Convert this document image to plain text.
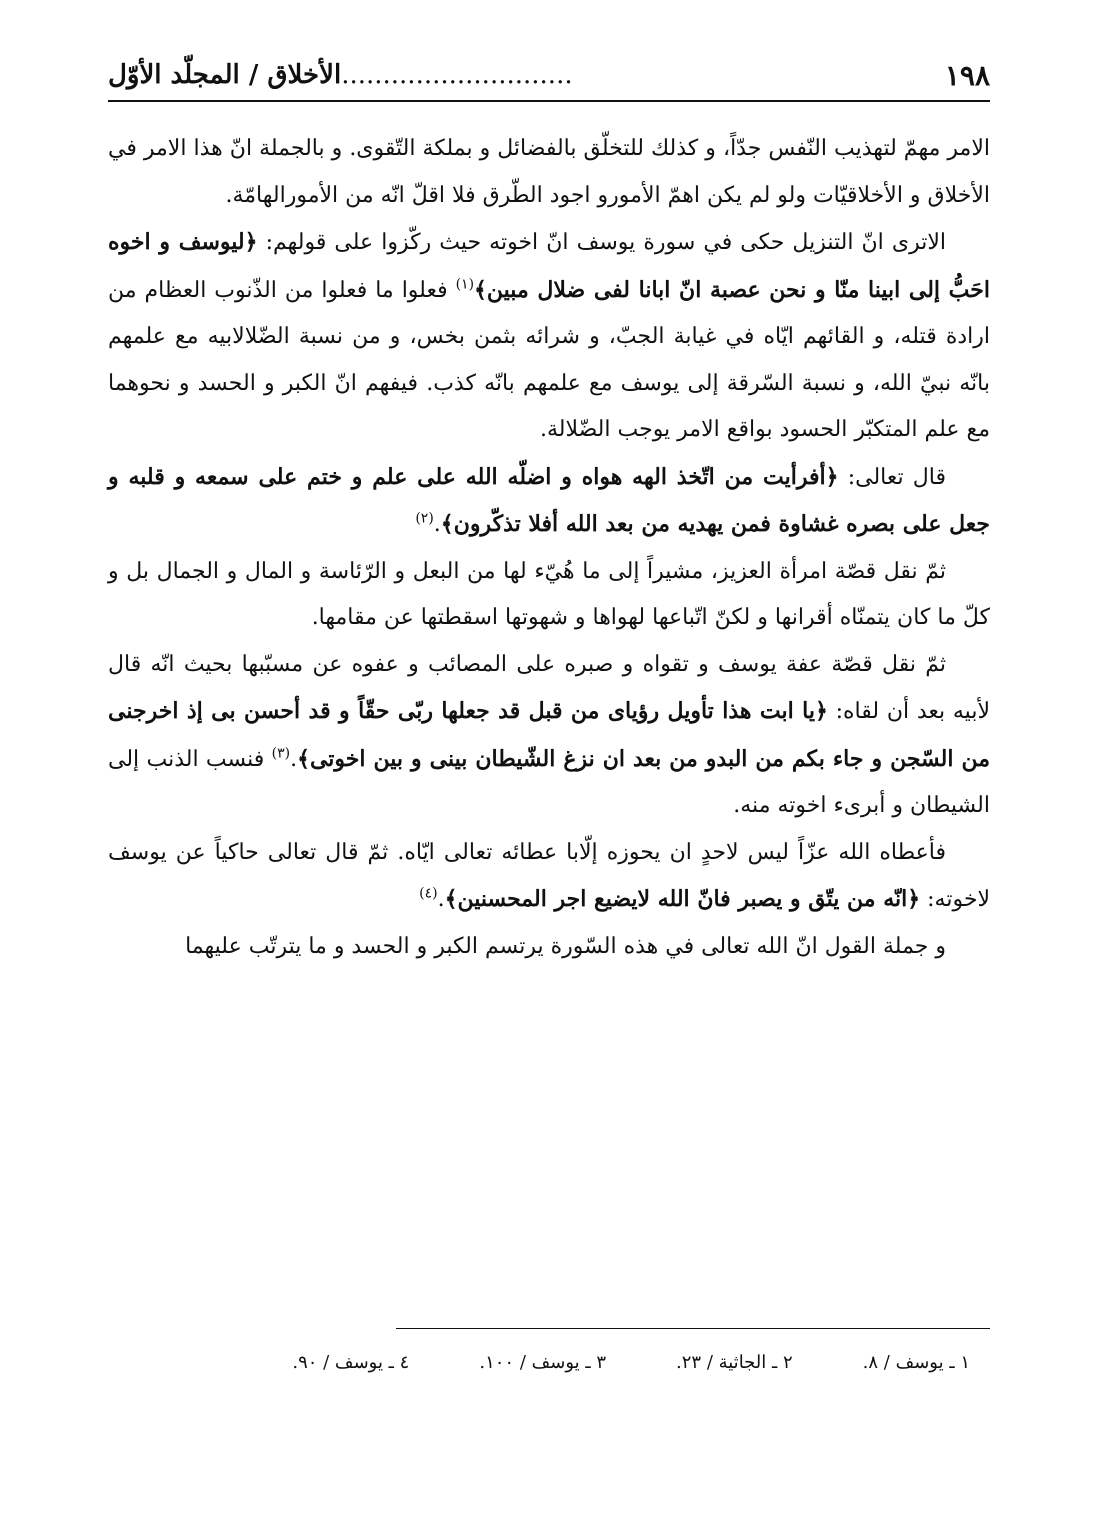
١٩٨
............................الأخلاق / المجلّد الأوّل

الامر مهمّ لتهذيب النّفس جدّاً، و كذلك للتخلّق بالفضائل و بملكة التّقوى. و بالجملة انّ هذا الامر في الأخلاق و الأخلاقيّات ولو لم يكن اهمّ الأمورو اجود الطّرق فلا اقلّ انّه من الأمورالهامّة.

الاترى انّ التنزيل حكى في سورة يوسف انّ اخوته حيث ركّزوا على قولهم: ﴿ليوسف و اخوه احَبُّ إلى ابينا منّا و نحن عصبة انّ ابانا لفى ضلال مبين﴾$^{(١)}$ فعلوا ما فعلوا من الذّنوب العظام من ارادة قتله، و القائهم ايّاه في غيابة الجبّ، و شرائه بثمن بخس، و من نسبة الضّلالابيه مع علمهم بانّه نبيّ الله، و نسبة السّرقة إلى يوسف مع علمهم بانّه كذب. فيفهم انّ الكبر و الحسد و نحوهما مع علم المتكبّر الحسود بواقع الامر يوجب الضّلالة.

قال تعالى: ﴿أفرأيت من اتّخذ الهه هواه و اضلّه الله على علم و ختم على سمعه و قلبه و جعل على بصره غشاوة فمن يهديه من بعد الله أفلا تذكّرون﴾.$^{(٢)}$

ثمّ نقل قصّة امرأة العزيز، مشيراً إلى ما هُيّء لها من البعل و الرّئاسة و المال و الجمال بل و كلّ ما كان يتمنّاه أقرانها و لكنّ اتّباعها لهواها و شهوتها اسقطتها عن مقامها.

ثمّ نقل قصّة عفة يوسف و تقواه و صبره على المصائب و عفوه عن مسبّبها بحيث انّه قال لأبيه بعد أن لقاه: ﴿يا ابت هذا تأويل رؤياى من قبل قد جعلها ربّى حقّاً و قد أحسن بى إذ اخرجنى من السّجن و جاء بكم من البدو من بعد ان نزغ الشّيطان بينى و بين اخوتى﴾.$^{(٣)}$ فنسب الذنب إلى الشيطان و أبرىء اخوته منه.

فأعطاه الله عزّاً ليس لاحدٍ ان يحوزه إلّابا عطائه تعالى ايّاه. ثمّ قال تعالى حاكياً عن يوسف لاخوته: ﴿انّه من يتّق و يصبر فانّ الله لايضيع اجر المحسنين﴾.$^{(٤)}$

و جملة القول انّ الله تعالى في هذه السّورة يرتسم الكبر و الحسد و ما يترتّب عليهما

١ ـ يوسف / ٨.
٢ ـ الجاثية / ٢٣.
٣ ـ يوسف / ١٠٠.
٤ ـ يوسف / ٩٠.
